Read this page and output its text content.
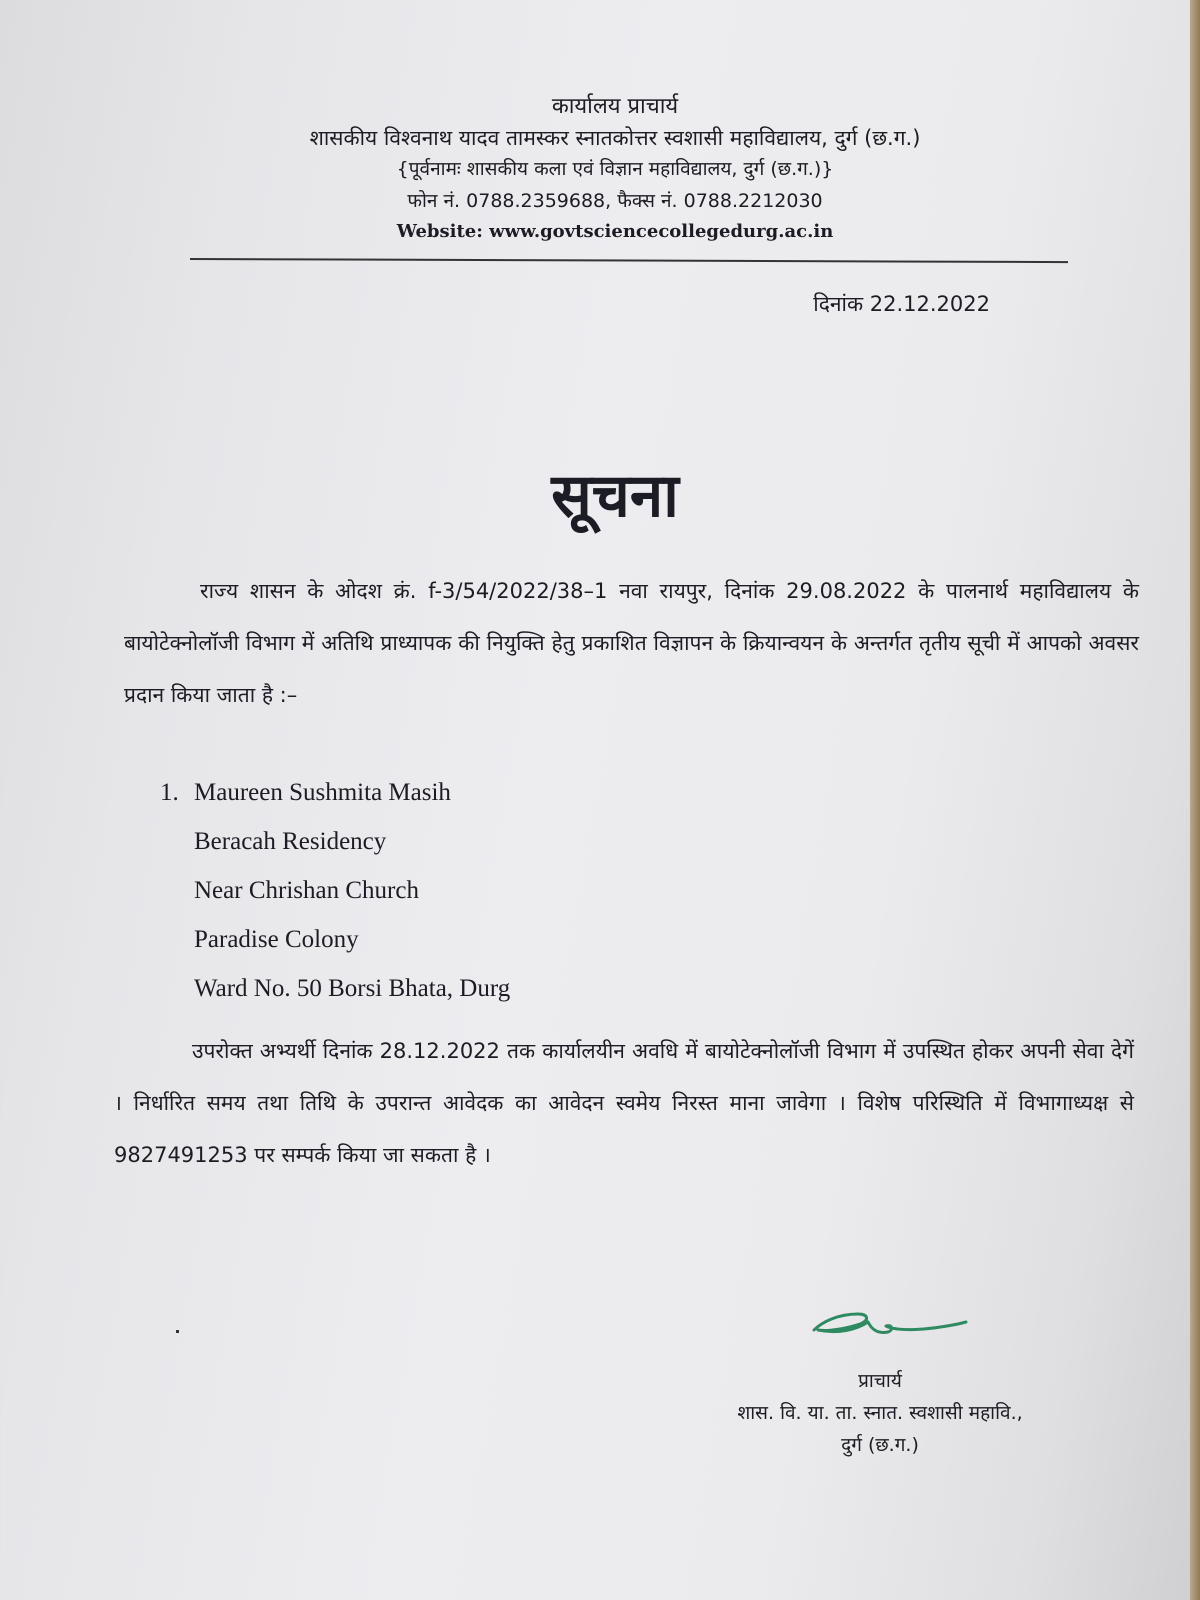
कार्यालय प्राचार्य
शासकीय विश्वनाथ यादव तामस्कर स्नातकोत्तर स्वशासी महाविद्यालय, दुर्ग (छ.ग.)
{पूर्वनामः शासकीय कला एवं विज्ञान महाविद्यालय, दुर्ग (छ.ग.)}
फोन नं. 0788.2359688, फैक्स नं. 0788.2212030
Website: www.govtsciencecollegedurg.ac.in
दिनांक 22.12.2022
सूचना
राज्य शासन के ओदश क्रं. f-3/54/2022/38–1 नवा रायपुर, दिनांक 29.08.2022 के पालनार्थ महाविद्यालय के बायोटेक्नोलॉजी विभाग में अतिथि प्राध्यापक की नियुक्ति हेतु प्रकाशित विज्ञापन के क्रियान्वयन के अन्तर्गत तृतीय सूची में आपको अवसर प्रदान किया जाता है :–
1. Maureen Sushmita Masih
Beracah Residency
Near Chrishan Church
Paradise Colony
Ward No. 50 Borsi Bhata, Durg
उपरोक्त अभ्यर्थी दिनांक 28.12.2022 तक कार्यालयीन अवधि में बायोटेक्नोलॉजी विभाग में उपस्थित होकर अपनी सेवा देगें । निर्धारित समय तथा तिथि के उपरान्त आवेदक का आवेदन स्वमेय निरस्त माना जावेगा । विशेष परिस्थिति में विभागाध्यक्ष से 9827491253 पर सम्पर्क किया जा सकता है ।
प्राचार्य
शास. वि. या. ता. स्नात. स्वशासी महावि.,
दुर्ग (छ.ग.)
